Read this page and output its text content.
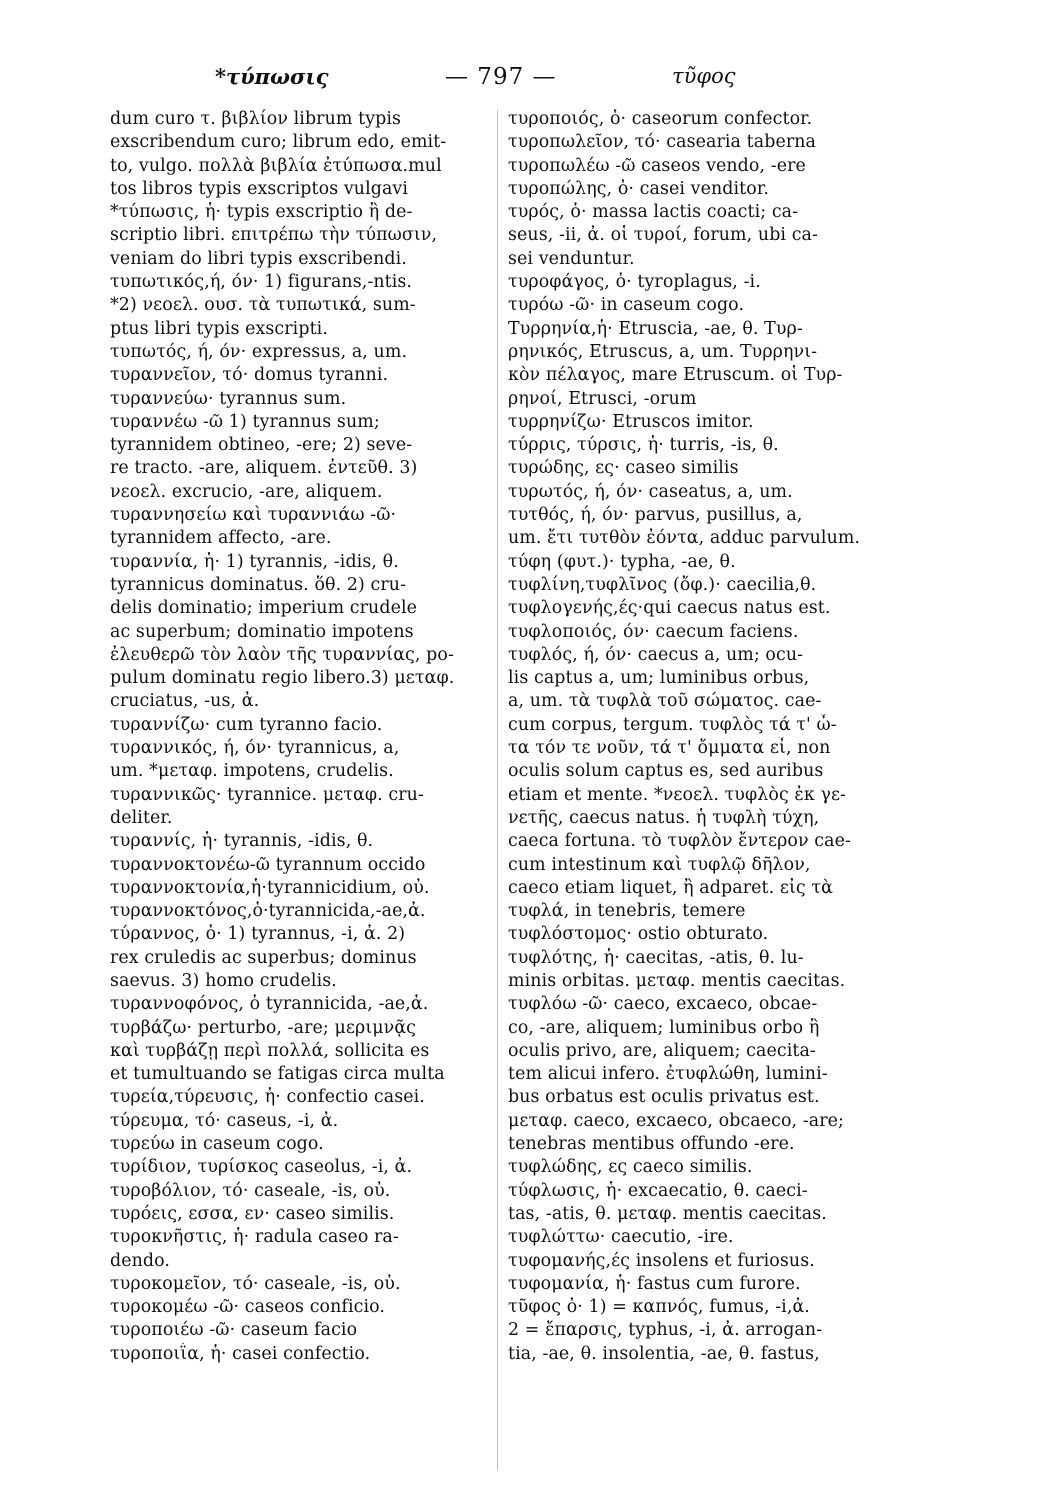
*τύπωσις	— 797 —	τῦφος
dum curo τ. βιβλίον librum typis
exscribendum curo; librum edo, emit-
to, vulgo. πολλὰ βιβλία ἐτύπωσα.mul
tos libros typis exscriptos vulgavi
*τύπωσις, ἡ· typis exscriptio ἢ de-
scriptio libri. επιτρέπω τὴν τύπωσιν,
veniam do libri typis exscribendi.
τυπωτικός,ή, όν· 1) figurans,-ntis.
*2) νεοελ. ουσ. τὰ τυπωτικά, sum-
ptus libri typis exscripti.
τυπωτός, ή, όν· expressus, a, um.
τυραννεῖον, τό· domus tyranni.
τυραννεύω· tyrannus sum.
τυραννέω -ῶ 1) tyrannus sum;
tyrannidem obtineo, -ere; 2) seve-
re tracto. -are, aliquem. ἐντεῦθ. 3)
νεοελ. excrucio, -are, aliquem.
τυραννησείω καὶ τυραννιάω -ῶ·
tyrannidem affecto, -are.
τυραννία, ἡ· 1) tyrannis, -idis, θ.
tyrannicus dominatus. ὅθ. 2) cru-
delis dominatio; imperium crudele
ac superbum; dominatio impotens
ἐλευθερῶ τὸν λαὸν τῆς τυραννίας, po-
pulum dominatu regio libero.3) μεταφ.
cruciatus, -us, ἀ.
τυραννίζω· cum tyranno facio.
τυραννικός, ή, όν· tyrannicus, a,
um. *μεταφ. impotens, crudelis.
τυραννικῶς· tyrannice. μεταφ. cru-
deliter.
τυραννίς, ἡ· tyrannis, -idis, θ.
τυραννοκτονέω-ῶ tyrannum occido
τυραννοκτονία,ἡ·tyrannicidium, οὐ.
τυραννοκτόνος,ὁ·tyrannicida,-ae,ἀ.
τύραννος, ὁ· 1) tyrannus, -i, ἀ. 2)
rex cruledis ac superbus; dominus
saevus. 3) homo crudelis.
τυραννοφόνος, ὁ tyrannicida, -ae,ἀ.
τυρβάζω· perturbo, -are; μεριμνᾷς
καὶ τυρβάζῃ περὶ πολλά, sollicita es
et tumultuando se fatigas circa multa
τυρεία,τύρευσις, ἡ· confectio casei.
τύρευμα, τό· caseus, -i, ἀ.
τυρεύω in caseum cogo.
τυρίδιον, τυρίσκος caseolus, -i, ἀ.
τυροβόλιον, τό· caseale, -is, οὐ.
τυρόεις, εσσα, εν· caseo similis.
τυροκνῆστις, ἡ· radula caseo ra-
dendo.
τυροκομεῖον, τό· caseale, -is, οὐ.
τυροκομέω -ῶ· caseos conficio.
τυροποιέω -ῶ· caseum facio
τυροποιΐα, ἡ· casei confectio.
τυροποιός, ὁ· caseorum confector.
τυροπωλεῖον, τό· casearia taberna
τυροπωλέω -ῶ caseos vendo, -ere
τυροπώλης, ὁ· casei venditor.
τυρός, ὁ· massa lactis coacti; ca-
seus, -ii, ἀ. οἱ τυροί, forum, ubi ca-
sei venduntur.
τυροφάγος, ὁ· tyroplagus, -i.
τυρόω -ῶ· in caseum cogo.
Τυρρηνία,ἡ· Etruscia, -ae, θ. Τυρ-
ρηνικός, Etruscus, a, um. Τυρρηνι-
κὸν πέλαγος, mare Etruscum. οἱ Τυρ-
ρηνοί, Etrusci, -orum
τυρρηνίζω· Etruscos imitor.
τύρρις, τύρσις, ἡ· turris, -is, θ.
τυρώδης, ες· caseo similis
τυρωτός, ή, όν· caseatus, a, um.
τυτθός, ή, όν· parvus, pusillus, a,
um. ἔτι τυτθὸν ἐόντα, adduc parvulum.
τύφη (φυτ.)· typha, -ae, θ.
τυφλίνη,τυφλῖνος (ὄφ.)· caecilia,θ.
τυφλογενής,ές·qui caecus natus est.
τυφλοποιός, όν· caecum faciens.
τυφλός, ή, όν· caecus a, um; ocu-
lis captus a, um; luminibus orbus,
a, um. τὰ τυφλὰ τοῦ σώματος. cae-
cum corpus, tergum. τυφλὸς τά τ' ὦ-
τα τόν τε νοῦν, τά τ' ὄμματα εἶ, non
oculis solum captus es, sed auribus
etiam et mente. *νεοελ. τυφλὸς ἐκ γε-
νετῆς, caecus natus. ἡ τυφλὴ τύχη,
caeca fortuna. τὸ τυφλὸν ἔντερον cae-
cum intestinum καὶ τυφλῷ δῆλον,
caeco etiam liquet, ἢ adparet. εἰς τὰ
τυφλά, in tenebris, temere
τυφλόστομος· ostio obturato.
τυφλότης, ἡ· caecitas, -atis, θ. lu-
minis orbitas. μεταφ. mentis caecitas.
τυφλόω -ῶ· caeco, excaeco, obcae-
co, -are, aliquem; luminibus orbo ἢ
oculis privo, are, aliquem; caecita-
tem alicui infero. ἐτυφλώθη, lumini-
bus orbatus est oculis privatus est.
μεταφ. caeco, excaeco, obcaeco, -are;
tenebras mentibus offundo -ere.
τυφλώδης, ες caeco similis.
τύφλωσις, ἡ· excaecatio, θ. caeci-
tas, -atis, θ. μεταφ. mentis caecitas.
τυφλώττω· caecutio, -ire.
τυφομανής,ές insolens et furiosus.
τυφομανία, ἡ· fastus cum furore.
τῦφος ὁ· 1) = καπνός, fumus, -i,ἀ.
2 = ἔπαρσις, typhus, -i, ἀ. arrogan-
tia, -ae, θ. insolentia, -ae, θ. fastus,
